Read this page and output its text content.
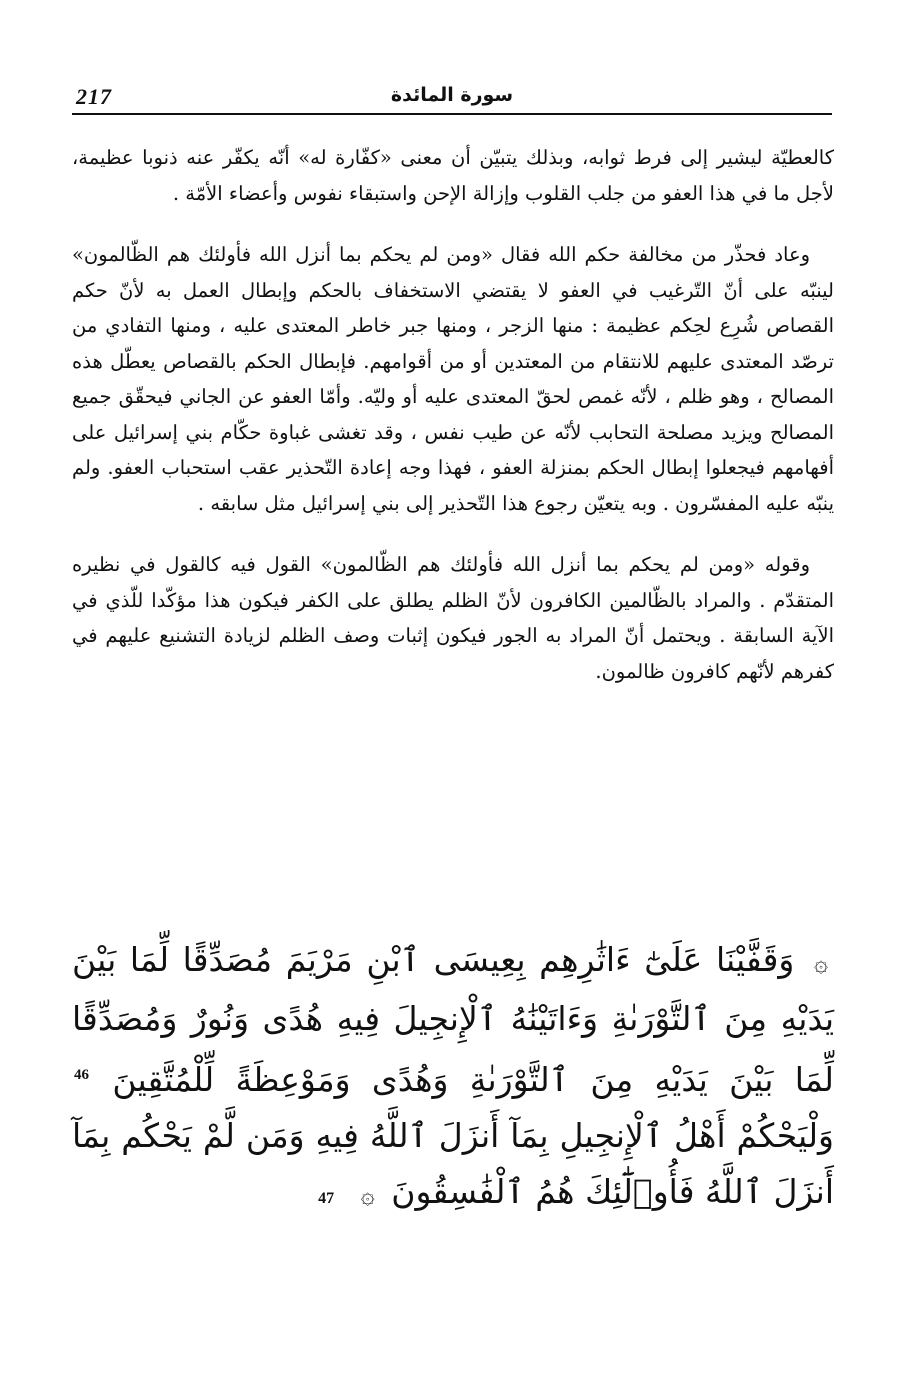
217	سورة المائدة

كالعطيّة ليشير إلى فرط ثوابه، وبذلك يتبيّن أن معنى «كفّارة له» أنّه يكفّر عنه ذنوبا عظيمة، لأجل ما في هذا العفو من جلب القلوب وإزالة الإحن واستبقاء نفوس وأعضاء الأمّة .

وعاد فحذّر من مخالفة حكم الله فقال «ومن لم يحكم بما أنزل الله فأولئك هم الظّالمون» لينبّه على أنّ التّرغيب في العفو لا يقتضي الاستخفاف بالحكم وإبطال العمل به لأنّ حكم القصاص شُرِع لحِكم عظيمة : منها الزجر ، ومنها جبر خاطر المعتدى عليه ، ومنها التفادي من ترصّد المعتدى عليهم للانتقام من المعتدين أو من أقوامهم. فإبطال الحكم بالقصاص يعطّل هذه المصالح ، وهو ظلم ، لأنّه غمص لحقّ المعتدى عليه أو وليّه. وأمّا العفو عن الجاني فيحقّق جميع المصالح ويزيد مصلحة التحابب لأنّه عن طيب نفس ، وقد تغشى غباوة حكّام بني إسرائيل على أفهامهم فيجعلوا إبطال الحكم بمنزلة العفو ، فهذا وجه إعادة التّحذير عقب استحباب العفو. ولم ينبّه عليه المفسّرون . وبه يتعيّن رجوع هذا التّحذير إلى بني إسرائيل مثل سابقه .

وقوله «ومن لم يحكم بما أنزل الله فأولئك هم الظّالمون» القول فيه كالقول في نظيره المتقدّم . والمراد بالظّالمين الكافرون لأنّ الظلم يطلق على الكفر فيكون هذا مؤكّدا للّذي في الآية السابقة . ويحتمل أنّ المراد به الجور فيكون إثبات وصف الظلم لزيادة التشنيع عليهم في كفرهم لأنّهم كافرون ظالمون.

۞ وَقَفَّيْنَا عَلَىٰٓ ءَاثَٰرِهِم بِعِيسَى ٱبْنِ مَرْيَمَ مُصَدِّقًا لِّمَا بَيْنَ يَدَيْهِ مِنَ ٱلتَّوْرَىٰةِ وَءَاتَيْنَٰهُ ٱلْإِنجِيلَ فِيهِ هُدًى وَنُورٌ وَمُصَدِّقًا لِّمَا بَيْنَ يَدَيْهِ مِنَ ٱلتَّوْرَىٰةِ وَهُدًى وَمَوْعِظَةً لِّلْمُتَّقِينَ $^{46}$ وَلْيَحْكُمْ أَهْلُ ٱلْإِنجِيلِ بِمَآ أَنزَلَ ٱللَّهُ فِيهِ وَمَن لَّمْ يَحْكُم بِمَآ أَنزَلَ ٱللَّهُ فَأُو۟لَٰٓئِكَ هُمُ ٱلْفَٰسِقُونَ ۞ 47
